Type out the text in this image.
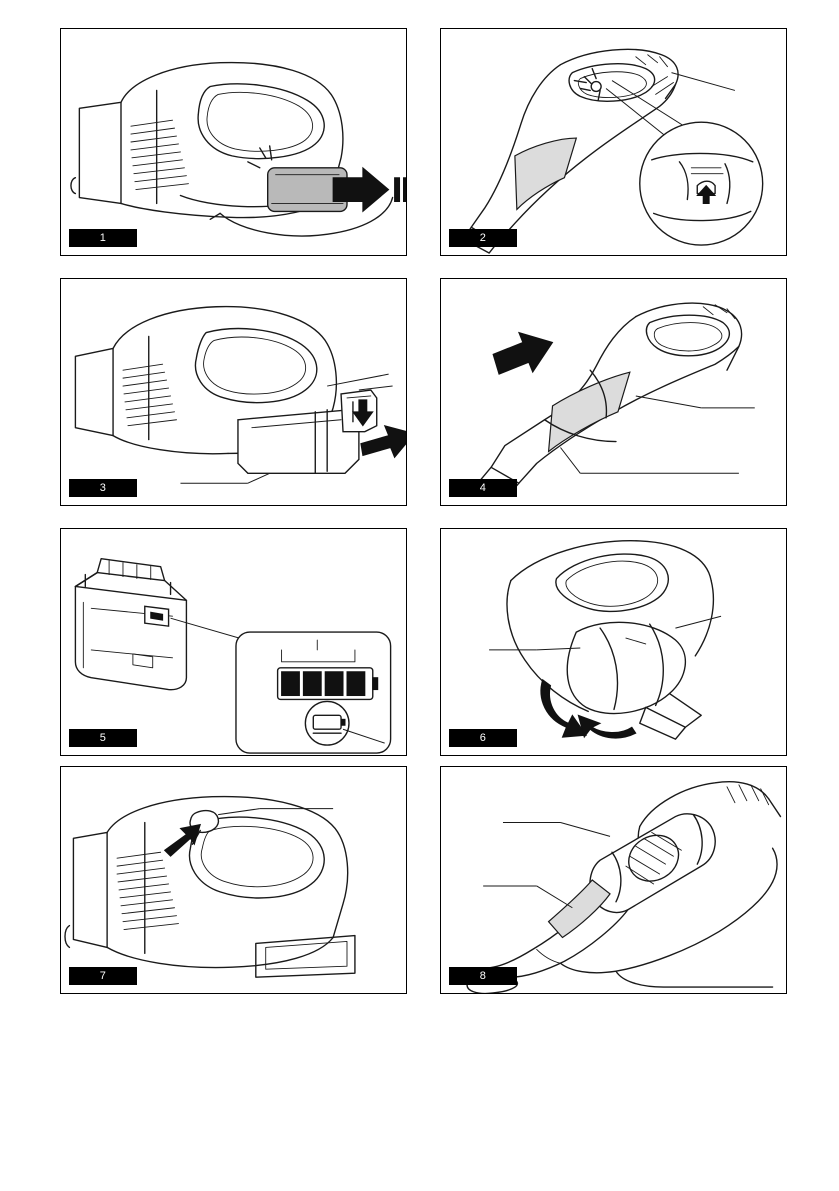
1	2
3	4
5	6
7	8
